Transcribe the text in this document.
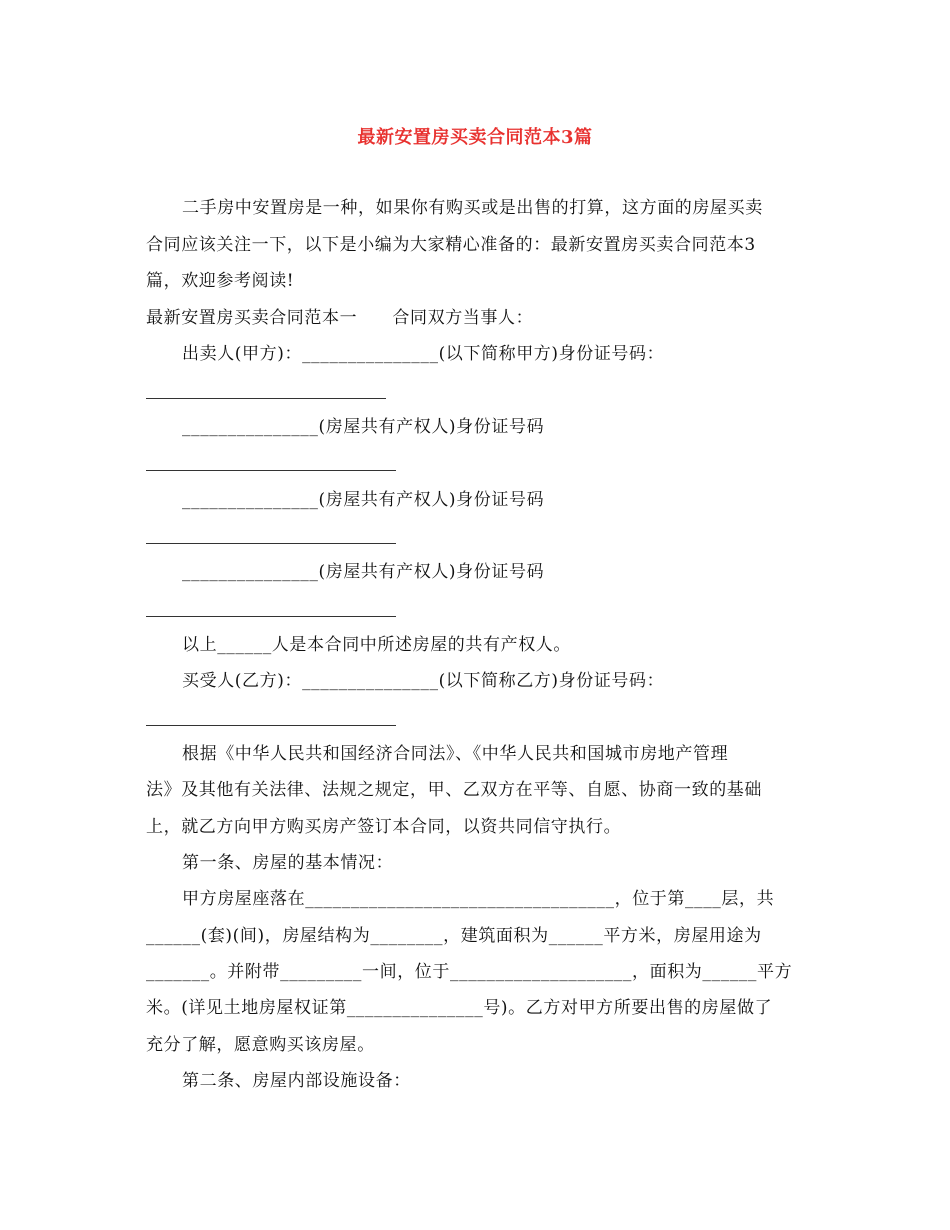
最新安置房买卖合同范本3篇
二手房中安置房是一种，如果你有购买或是出售的打算，这方面的房屋买卖
合同应该关注一下，以下是小编为大家精心准备的：最新安置房买卖合同范本3
篇，欢迎参考阅读!
最新安置房买卖合同范本一　　合同双方当事人：
出卖人(甲方)：_______________(以下简称甲方)身份证号码：
_______________(房屋共有产权人)身份证号码
_______________(房屋共有产权人)身份证号码
_______________(房屋共有产权人)身份证号码
以上______人是本合同中所述房屋的共有产权人。
买受人(乙方)：_______________(以下简称乙方)身份证号码：
根据《中华人民共和国经济合同法》、《中华人民共和国城市房地产管理
法》及其他有关法律、法规之规定，甲、乙双方在平等、自愿、协商一致的基础
上，就乙方向甲方购买房产签订本合同，以资共同信守执行。
第一条、房屋的基本情况：
甲方房屋座落在__________________________________，位于第____层，共
______(套)(间)，房屋结构为________，建筑面积为______平方米，房屋用途为
_______。并附带_________一间，位于____________________，面积为______平方
米。(详见土地房屋权证第_______________号)。乙方对甲方所要出售的房屋做了
充分了解，愿意购买该房屋。
第二条、房屋内部设施设备：
